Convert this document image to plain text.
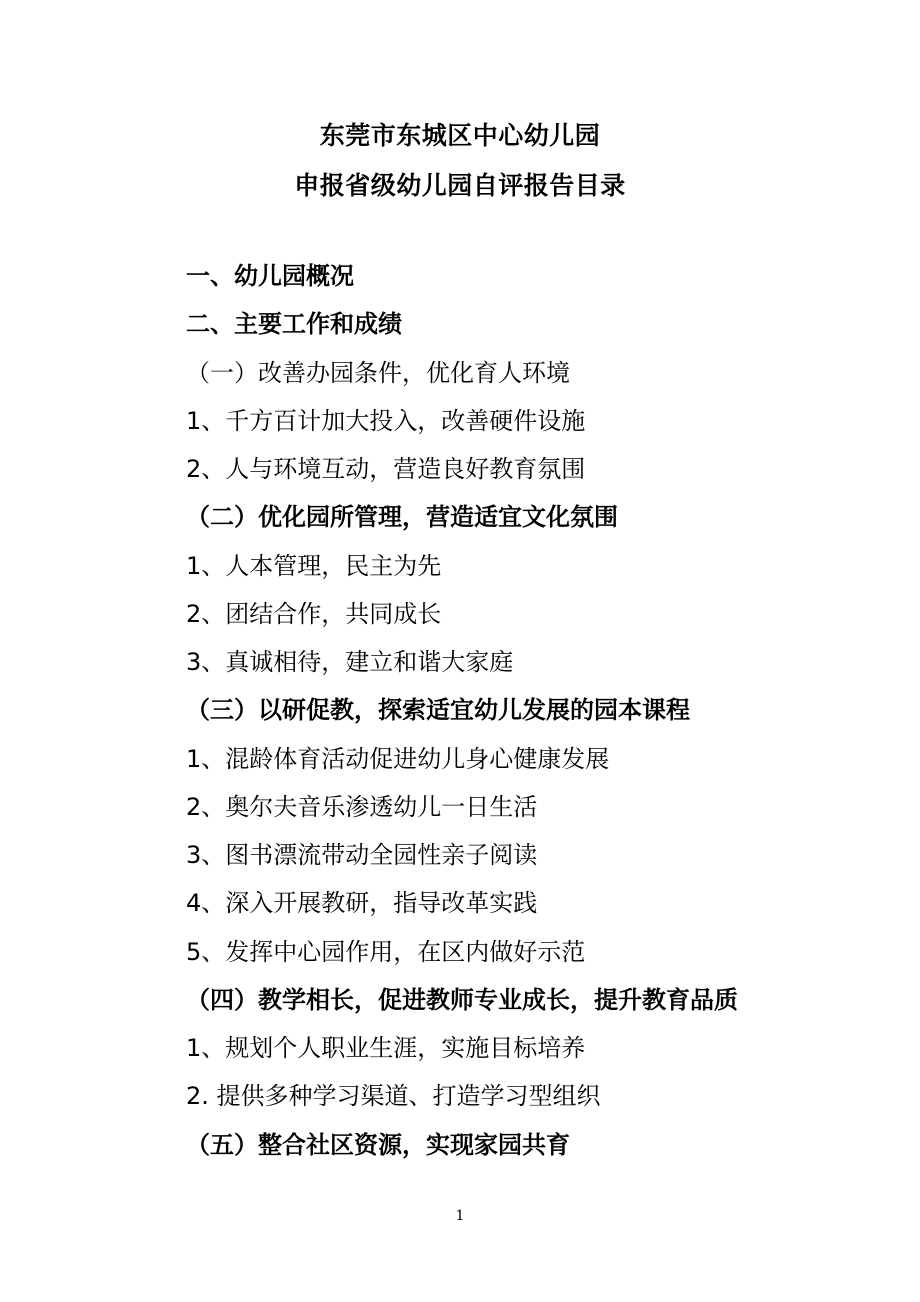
东莞市东城区中心幼儿园
申报省级幼儿园自评报告目录
一、幼儿园概况
二、主要工作和成绩
（一）改善办园条件，优化育人环境
1、千方百计加大投入，改善硬件设施
2、人与环境互动，营造良好教育氛围
（二）优化园所管理，营造适宜文化氛围
1、人本管理，民主为先
2、团结合作，共同成长
3、真诚相待，建立和谐大家庭
（三）以研促教，探索适宜幼儿发展的园本课程
1、混龄体育活动促进幼儿身心健康发展
2、奥尔夫音乐渗透幼儿一日生活
3、图书漂流带动全园性亲子阅读
4、深入开展教研，指导改革实践
5、发挥中心园作用，在区内做好示范
（四）教学相长，促进教师专业成长，提升教育品质
1、规划个人职业生涯，实施目标培养
2. 提供多种学习渠道、打造学习型组织
（五）整合社区资源，实现家园共育
1
